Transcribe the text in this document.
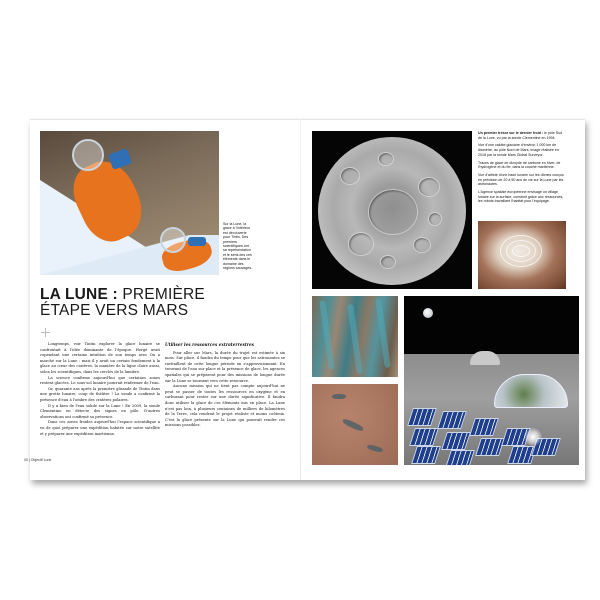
Sur la Lune, la glace à l'intérieur est découverte pour Tintin. Des premiers scientifiques ont sa représentation et le sens des ces éléments dans le domaine des régions sauvages.
LA LUNE : PREMIÈRE
ÉTAPE VERS MARS

Longtemps, voir Tintin explorer la glace lunaire se confrontait à l'idée dominante de l'époque. Hergé avait cependant une certaine intuition de son temps avec On a marché sur la Lune : mais il y avait un certain fondement à la glace au cœur des cratères, la manière de la ligne claire aussi, selon les scientifiques, dans les cercles de la lumière.

La science confirme aujourd'hui que certaines zones restent glacées. Le sous-sol lunaire pourrait renfermer de l'eau.

Or, quarante ans après la première glissade de Tintin dans une grotte lunaire, coup de théâtre ! La sonde a confirmé la présence d'eau à l'ombre des cratères polaires.

Il y a bien de l'eau solide sur la Lune ! En 2009, la sonde Clementine en détecte des signes en pôle. D'autres observations ont confirmé sa présence.

Dans ces zones froides aujourd'hui l'espace scientifique a vu de quoi préparer une expédition habitée sur notre satellite et y préparer une expédition martienne.

Utiliser les ressources extraterrestres

Pour aller sur Mars, la durée du trajet est estimée à six mois. Sur place, il faudra du temps pour que les astronautes se ravitaillent de cette longue période en s'approvisionnant. En trouvant de l'eau sur place et la présence de glace, les agences spatiales qui se préparent pour des missions de longue durée sur la Lune se tournent vers cette ressource.

Aucune mission qui ne tient pas compte aujourd'hui ne peut se passer de toutes les ressources en oxygène et en carburant pour rester sur une durée significative. Il faudra donc utiliser la glace de ces éléments mis en place. La Lune n'est pas loin, à plusieurs centaines de milliers de kilomètres de la Terre, cela rendrait le projet réaliste et moins coûteux. C'est la glace présente sur la Lune qui pourrait rendre ces missions possibles.

00 | Objectif Lune

Un premier trésor sur le dernier froid : le pôle Sud de la Lune, vu par la sonde Clementine en 1994.

Vue d'une calotte glaciaire d'environ 1 000 km de diamètre, au pôle Nord de Mars, image réalisée en 2018 par la sonde Mars Global Surveyor.

Traces de glace de dioxyde de carbone en hiver, de l'hydrogène et du fer, dans la couche martienne.

Vue d'artiste d'une base lunaire sur les dômes conçus en prévision de 20 à 50 ans de vie sur la Lune par les astronautes.

L'Agence spatiale européenne envisage un village lunaire sur la surface, construit grâce aux ressources, les robots travaillant l'habitat pour l'équipage.
